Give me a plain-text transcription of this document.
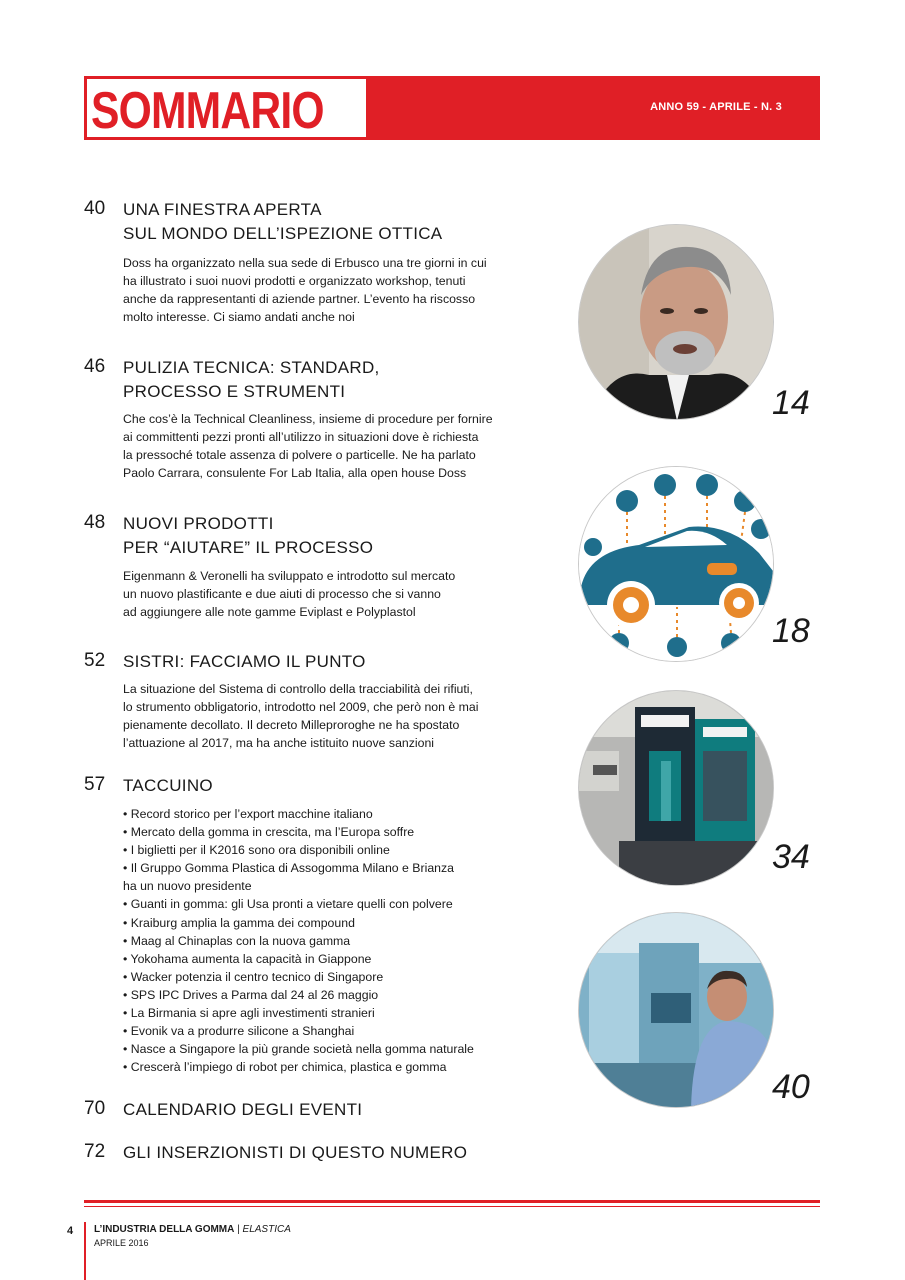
SOMMARIO	ANNO 59 - APRILE - N. 3
40 UNA FINESTRA APERTA
SUL MONDO DELL’ISPEZIONE OTTICA
Doss ha organizzato nella sua sede di Erbusco una tre giorni in cui
ha illustrato i suoi nuovi prodotti e organizzato workshop, tenuti
anche da rappresentanti di aziende partner. L’evento ha riscosso
molto interesse. Ci siamo andati anche noi
46 PULIZIA TECNICA: STANDARD,
PROCESSO E STRUMENTI
Che cos’è la Technical Cleanliness, insieme di procedure per fornire
ai committenti pezzi pronti all’utilizzo in situazioni dove è richiesta
la pressoché totale assenza di polvere o particelle. Ne ha parlato
Paolo Carrara, consulente For Lab Italia, alla open house Doss
48 NUOVI PRODOTTI
PER “AIUTARE” IL PROCESSO
Eigenmann & Veronelli ha sviluppato e introdotto sul mercato
un nuovo plastificante e due aiuti di processo che si vanno
ad aggiungere alle note gamme Eviplast e Polyplastol
52 SISTRI: FACCIAMO IL PUNTO
La situazione del Sistema di controllo della tracciabilità dei rifiuti,
lo strumento obbligatorio, introdotto nel 2009, che però non è mai
pienamente decollato. Il decreto Milleproroghe ne ha spostato
l’attuazione al 2017, ma ha anche istituito nuove sanzioni
57 TACCUINO
• Record storico per l’export macchine italiano
• Mercato della gomma in crescita, ma l’Europa soffre
• I biglietti per il K2016 sono ora disponibili online
• Il Gruppo Gomma Plastica di Assogomma Milano e Brianza
ha un nuovo presidente
• Guanti in gomma: gli Usa pronti a vietare quelli con polvere
• Kraiburg amplia la gamma dei compound
• Maag al Chinaplas con la nuova gamma
• Yokohama aumenta la capacità in Giappone
• Wacker potenzia il centro tecnico di Singapore
• SPS IPC Drives a Parma dal 24 al 26 maggio
• La Birmania si apre agli investimenti stranieri
• Evonik va a produrre silicone a Shanghai
• Nasce a Singapore la più grande società nella gomma naturale
• Crescerà l’impiego di robot per chimica, plastica e gomma
70 CALENDARIO DEGLI EVENTI
72 GLI INSERZIONISTI DI QUESTO NUMERO
14
18
34
40
4 L’INDUSTRIA DELLA GOMMA | ELASTICA
APRILE 2016
